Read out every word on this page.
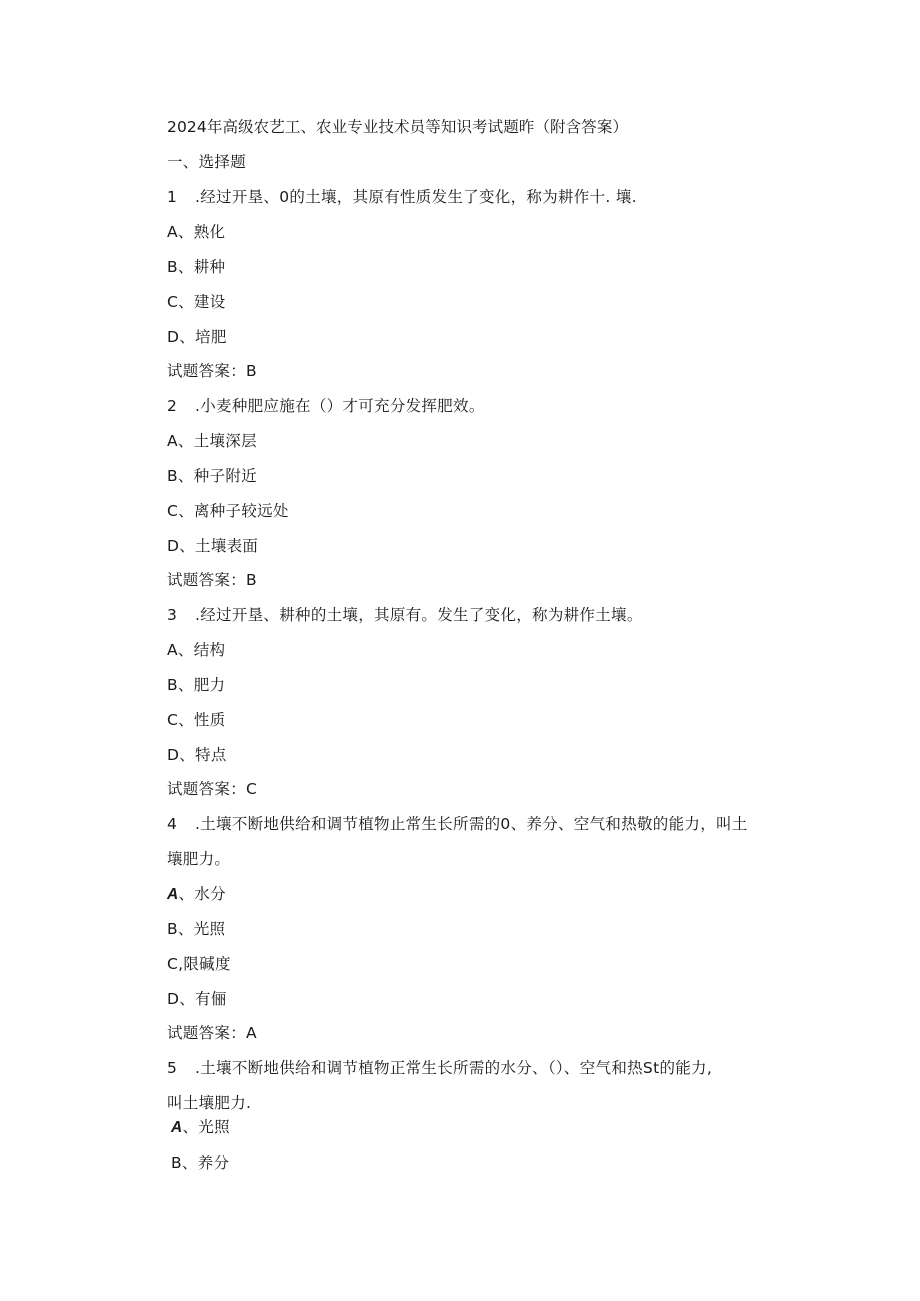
2024年高级农艺工、农业专业技术员等知识考试题昨（附含答案）
一、选择题
1 .经过开垦、0的土壤，其原有性质发生了变化，称为耕作十. 壤.
A、熟化
B、耕种
C、建设
D、培肥
试题答案：B
2 .小麦种肥应施在（）才可充分发挥肥效。
A、土壤深层
B、种子附近
C、离种子较远处
D、土壤表面
试题答案：B
3 .经过开垦、耕种的土壤，其原有。发生了变化，称为耕作土壤。
A、结构
B、肥力
C、性质
D、特点
试题答案：C
4 .土壤不断地供给和调节植物止常生长所需的0、养分、空气和热敬的能力，叫土
壤肥力。
A、水分
B、光照
C,限碱度
D、有俪
试题答案：A
5 .土壤不断地供给和调节植物正常生长所需的水分、（）、空气和热St的能力,
叫土壤肥力.
A、光照
B、养分
